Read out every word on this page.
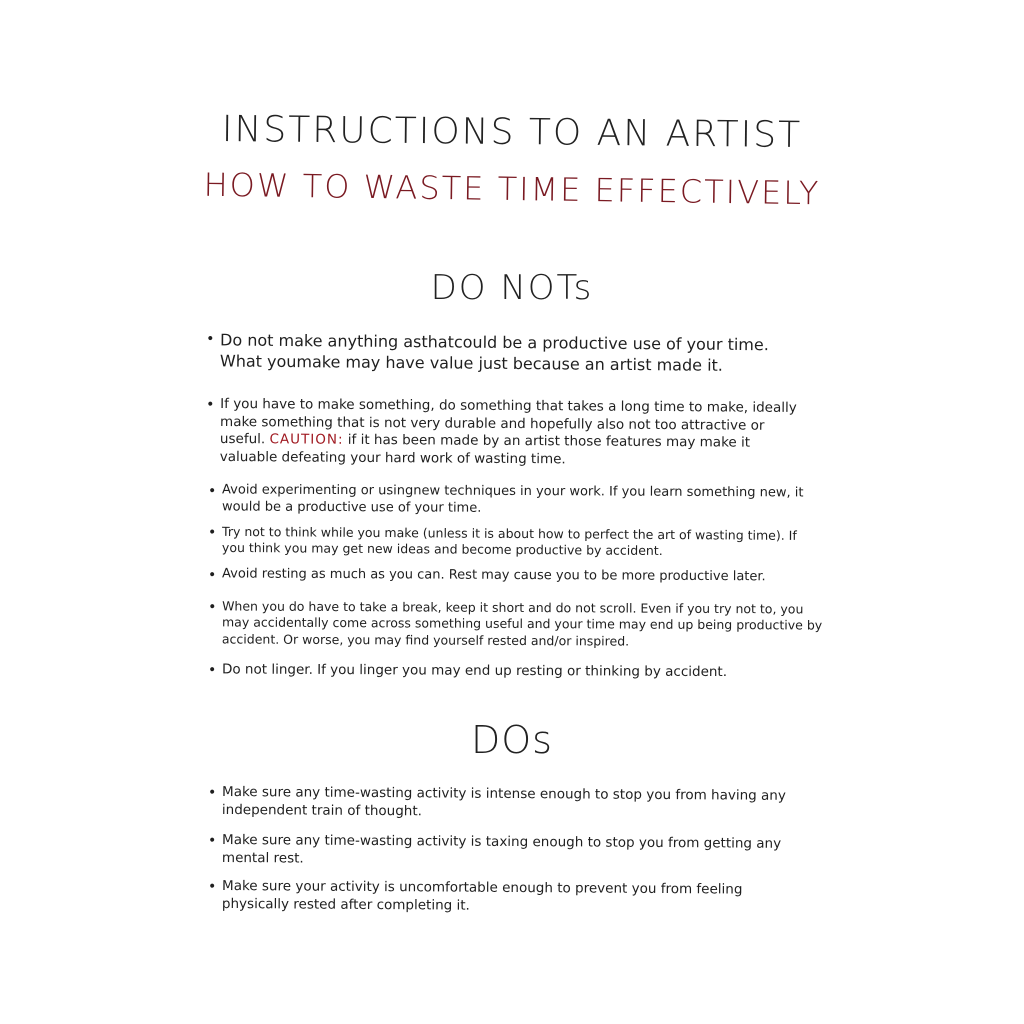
INSTRUCTIONS TO AN ARTIST
HOW TO WASTE TIME EFFECTIVELY
DO NOTs
• Do not make anything asthatcould be a productive use of your time. What youmake may have value just because an artist made it.
• If you have to make something, do something that takes a long time to make, ideally make something that is not very durable and hopefully also not too attractive or useful. CAUTION: if it has been made by an artist those features may make it valuable defeating your hard work of wasting time.
• Avoid experimenting or usingnew techniques in your work. If you learn something new, it would be a productive use of your time.
• Try not to think while you make (unless it is about how to perfect the art of wasting time). If you think you may get new ideas and become productive by accident.
• Avoid resting as much as you can. Rest may cause you to be more productive later.
• When you do have to take a break, keep it short and do not scroll. Even if you try not to, you may accidentally come across something useful and your time may end up being productive by accident. Or worse, you may find yourself rested and/or inspired.
• Do not linger. If you linger you may end up resting or thinking by accident.
DOs
• Make sure any time-wasting activity is intense enough to stop you from having any independent train of thought.
• Make sure any time-wasting activity is taxing enough to stop you from getting any mental rest.
• Make sure your activity is uncomfortable enough to prevent you from feeling physically rested after completing it.
